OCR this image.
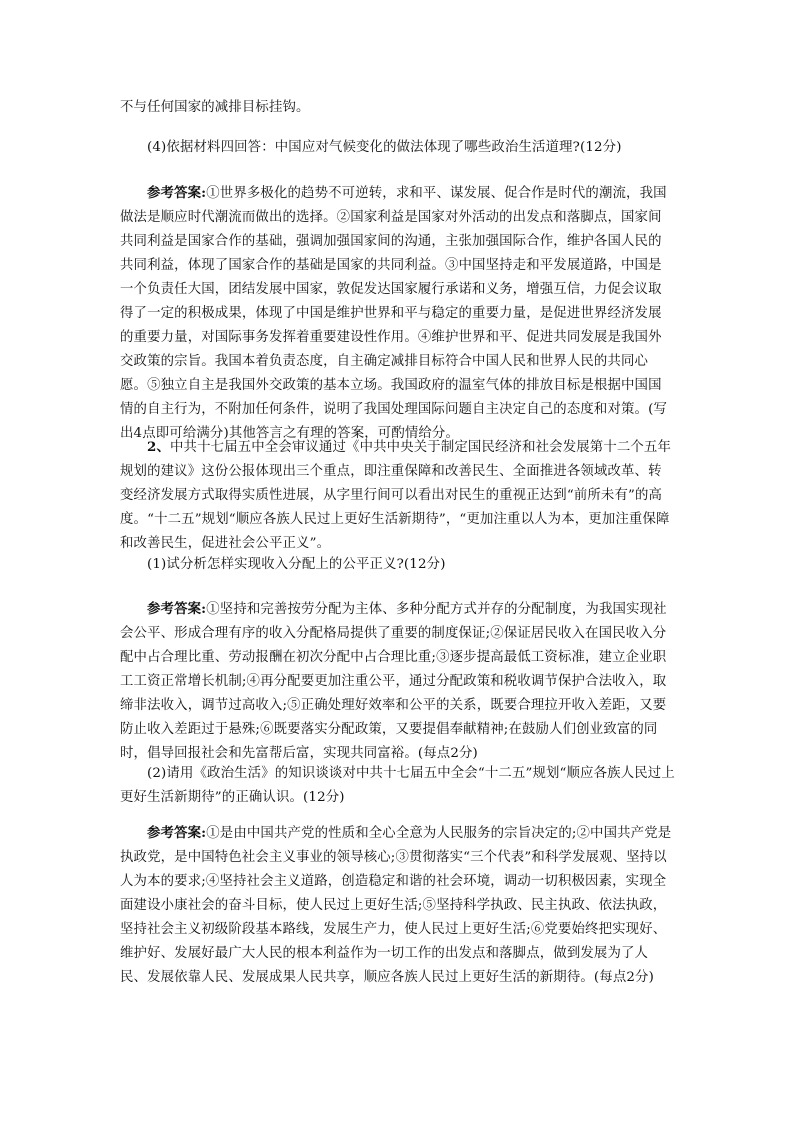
不与任何国家的减排目标挂钩。

(4)依据材料四回答：中国应对气候变化的做法体现了哪些政治生活道理?(12分)

参考答案:①世界多极化的趋势不可逆转，求和平、谋发展、促合作是时代的潮流，我国做法是顺应时代潮流而做出的选择。②国家利益是国家对外活动的出发点和落脚点，国家间共同利益是国家合作的基础，强调加强国家间的沟通，主张加强国际合作，维护各国人民的共同利益，体现了国家合作的基础是国家的共同利益。③中国坚持走和平发展道路，中国是一个负责任大国，团结发展中国家，敦促发达国家履行承诺和义务，增强互信，力促会议取得了一定的积极成果，体现了中国是维护世界和平与稳定的重要力量，是促进世界经济发展的重要力量，对国际事务发挥着重要建设性作用。④维护世界和平、促进共同发展是我国外交政策的宗旨。我国本着负责态度，自主确定减排目标符合中国人民和世界人民的共同心愿。⑤独立自主是我国外交政策的基本立场。我国政府的温室气体的排放目标是根据中国国情的自主行为，不附加任何条件，说明了我国处理国际问题自主决定自己的态度和对策。(写出4点即可给满分)其他答言之有理的答案，可酌情给分。

2、中共十七届五中全会审议通过《中共中央关于制定国民经济和社会发展第十二个五年规划的建议》这份公报体现出三个重点，即注重保障和改善民生、全面推进各领域改革、转变经济发展方式取得实质性进展，从字里行间可以看出对民生的重视正达到“前所未有”的高度。“十二五”规划“顺应各族人民过上更好生活新期待”，“更加注重以人为本，更加注重保障和改善民生，促进社会公平正义”。

(1)试分析怎样实现收入分配上的公平正义?(12分)

参考答案:①坚持和完善按劳分配为主体、多种分配方式并存的分配制度，为我国实现社会公平、形成合理有序的收入分配格局提供了重要的制度保证;②保证居民收入在国民收入分配中占合理比重、劳动报酬在初次分配中占合理比重;③逐步提高最低工资标准，建立企业职工工资正常增长机制;④再分配要更加注重公平，通过分配政策和税收调节保护合法收入，取缔非法收入，调节过高收入;⑤正确处理好效率和公平的关系，既要合理拉开收入差距，又要防止收入差距过于悬殊;⑥既要落实分配政策，又要提倡奉献精神;在鼓励人们创业致富的同时，倡导回报社会和先富帮后富，实现共同富裕。(每点2分)

(2)请用《政治生活》的知识谈谈对中共十七届五中全会“十二五”规划“顺应各族人民过上更好生活新期待”的正确认识。(12分)

参考答案:①是由中国共产党的性质和全心全意为人民服务的宗旨决定的;②中国共产党是执政党，是中国特色社会主义事业的领导核心;③贯彻落实“三个代表”和科学发展观、坚持以人为本的要求;④坚持社会主义道路，创造稳定和谐的社会环境，调动一切积极因素，实现全面建设小康社会的奋斗目标，使人民过上更好生活;⑤坚持科学执政、民主执政、依法执政，坚持社会主义初级阶段基本路线，发展生产力，使人民过上更好生活;⑥党要始终把实现好、维护好、发展好最广大人民的根本利益作为一切工作的出发点和落脚点，做到发展为了人民、发展依靠人民、发展成果人民共享，顺应各族人民过上更好生活的新期待。(每点2分)
